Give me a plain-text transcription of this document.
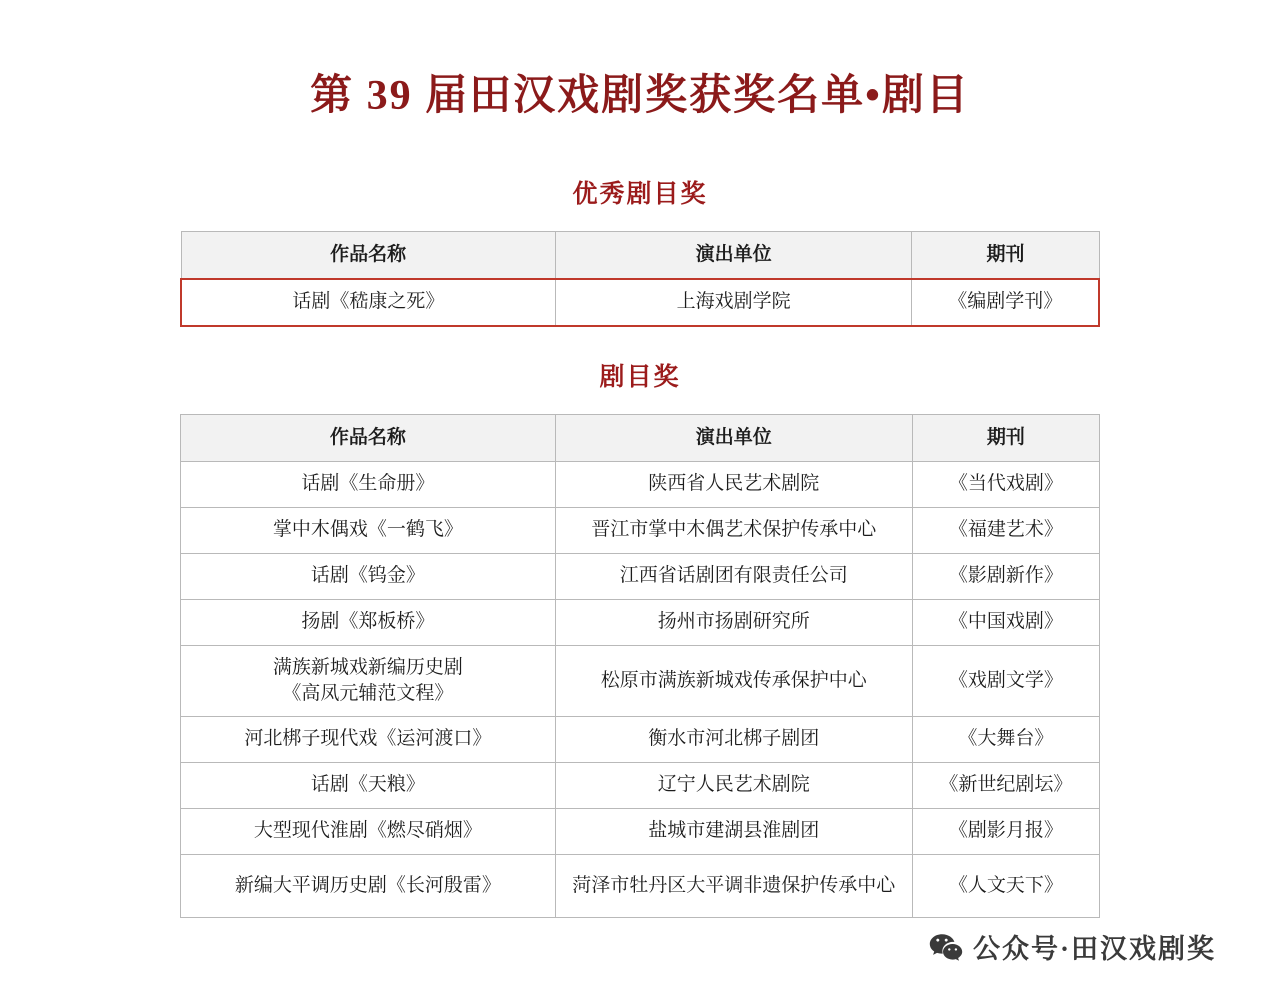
第 39 届田汉戏剧奖获奖名单•剧目
优秀剧目奖
作品名称	演出单位	期刊
话剧《嵇康之死》	上海戏剧学院	《编剧学刊》
剧目奖
作品名称	演出单位	期刊
话剧《生命册》	陕西省人民艺术剧院	《当代戏剧》
掌中木偶戏《一鹤飞》	晋江市掌中木偶艺术保护传承中心	《福建艺术》
话剧《钨金》	江西省话剧团有限责任公司	《影剧新作》
扬剧《郑板桥》	扬州市扬剧研究所	《中国戏剧》

满族新城戏新编历史剧
《高凤元辅范文程》	松原市满族新城戏传承保护中心	《戏剧文学》
河北梆子现代戏《运河渡口》	衡水市河北梆子剧团	《大舞台》
话剧《天粮》	辽宁人民艺术剧院	《新世纪剧坛》
大型现代淮剧《燃尽硝烟》	盐城市建湖县淮剧团	《剧影月报》
新编大平调历史剧《长河殷雷》	菏泽市牡丹区大平调非遗保护传承中心	《人文天下》
公众号·田汉戏剧奖
